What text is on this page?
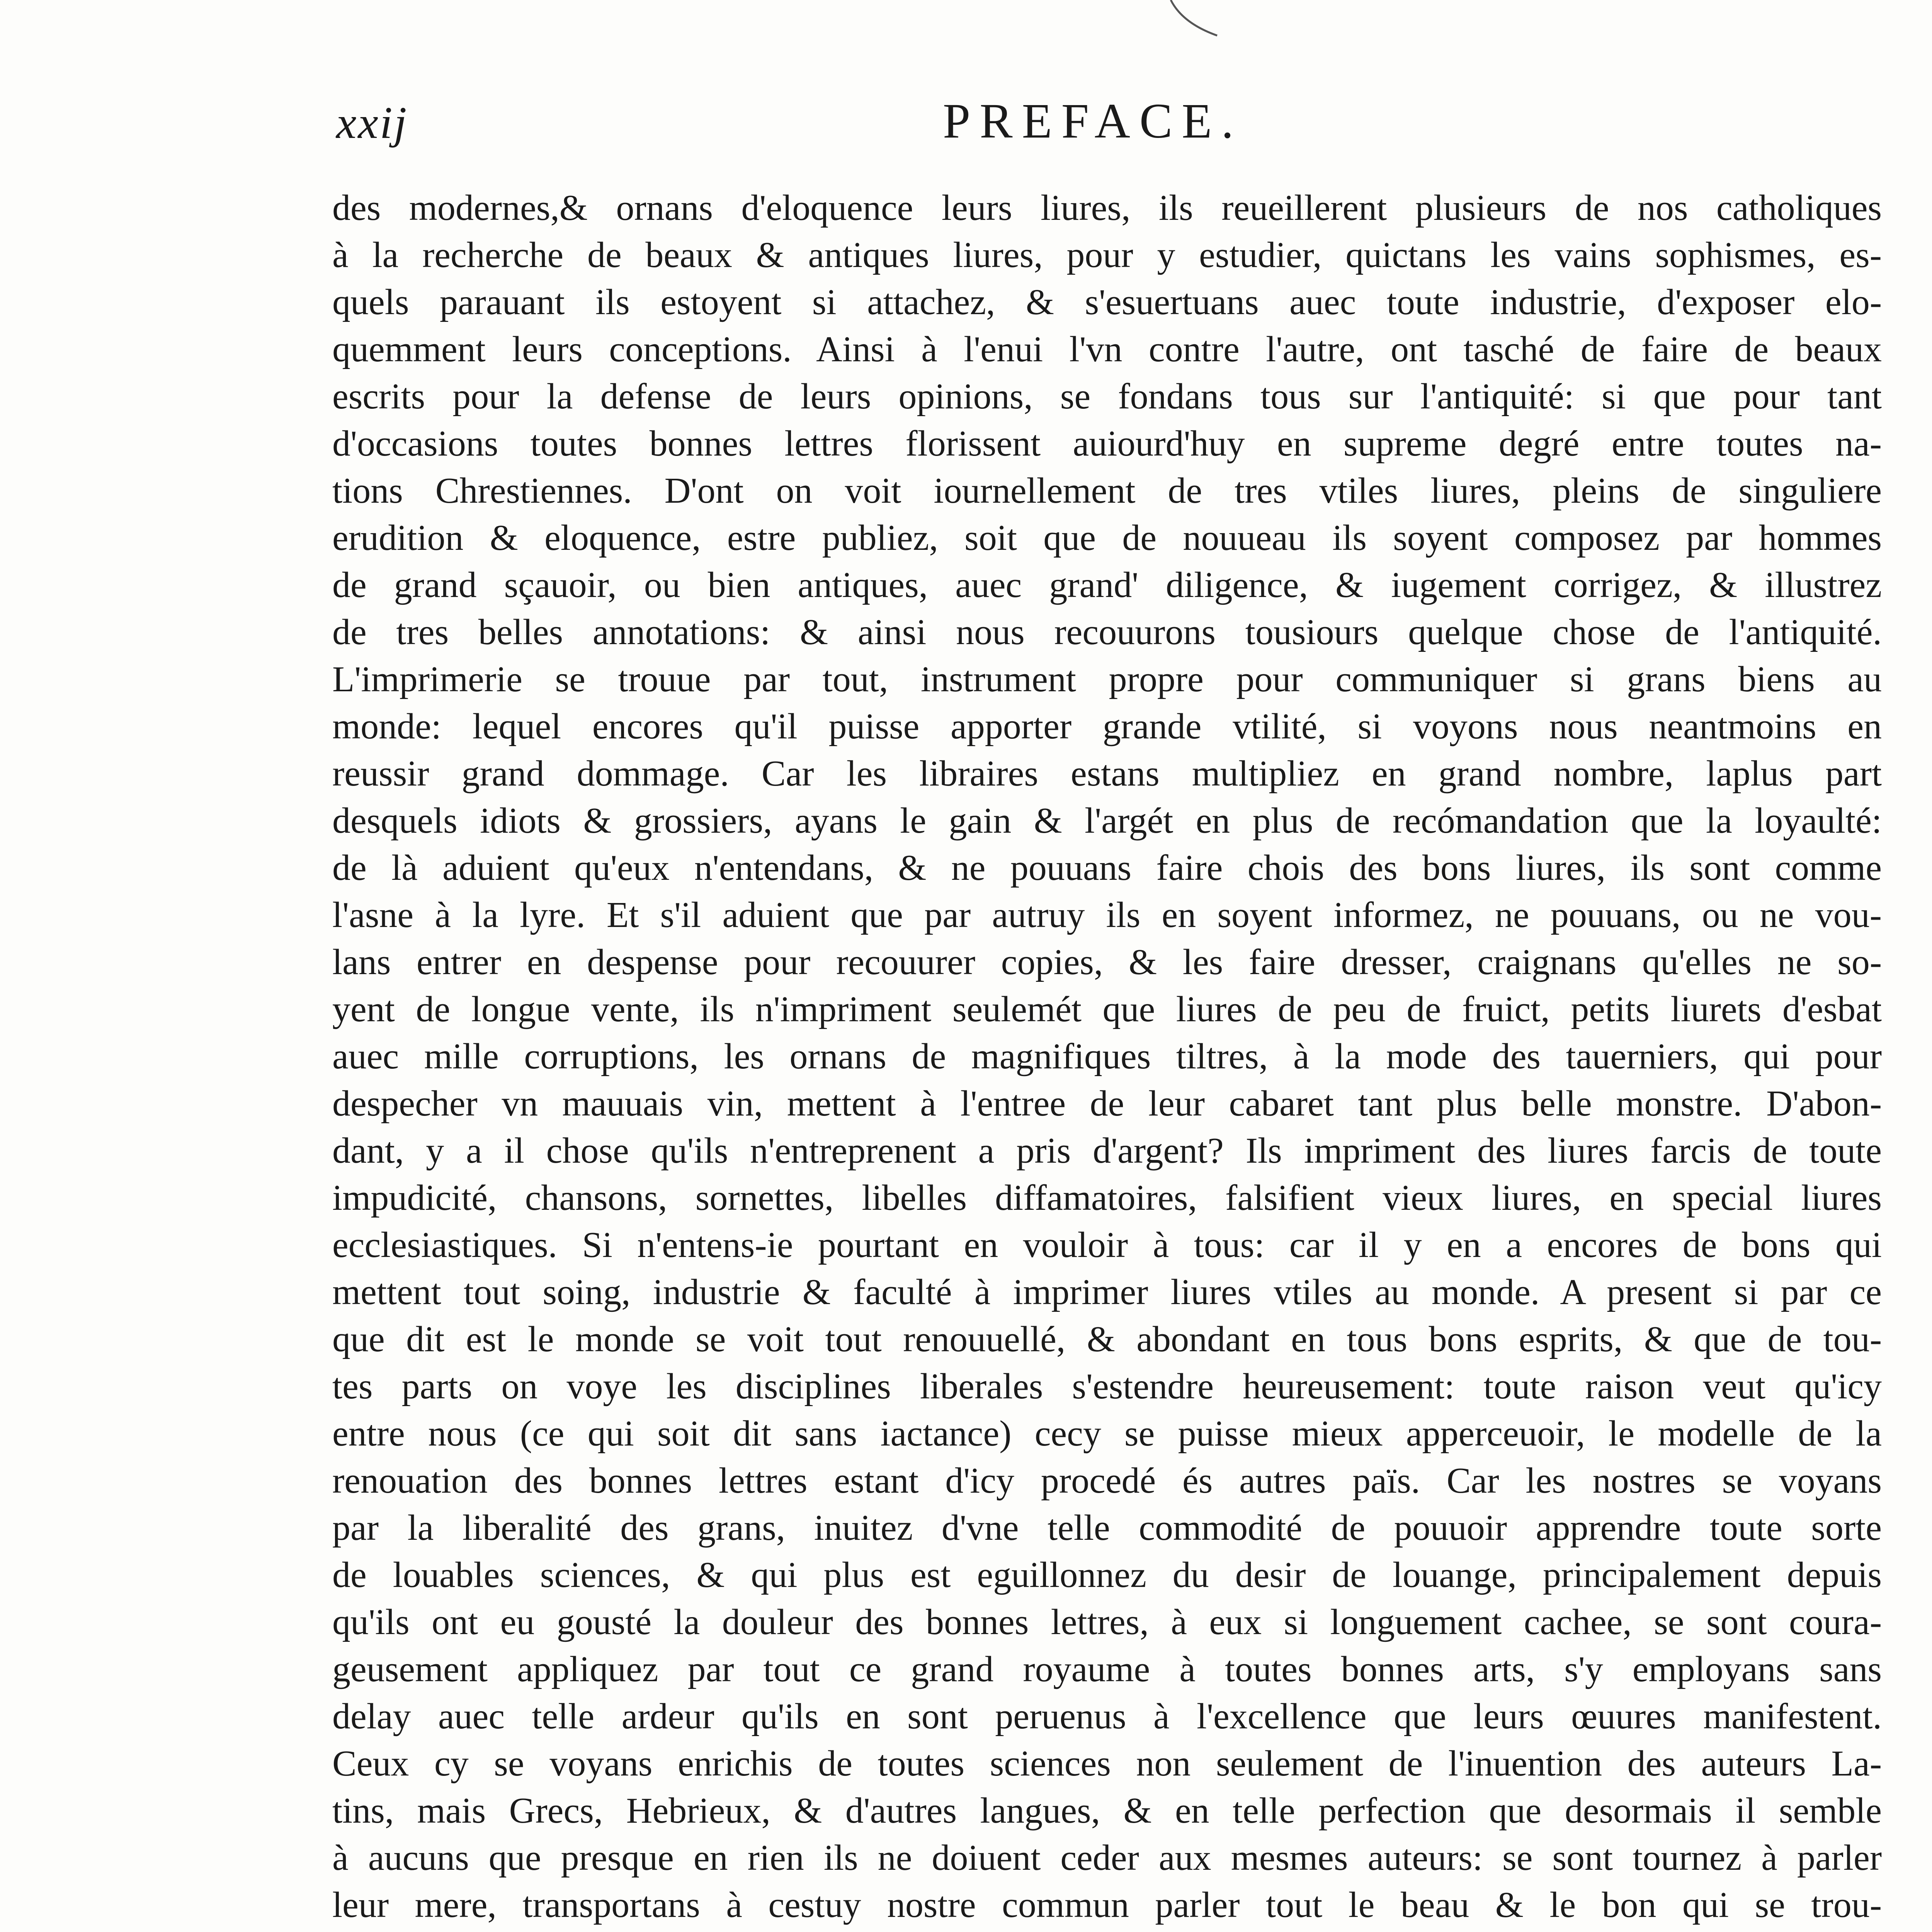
xxij	PREFACE.
des modernes,& ornans d'eloquence leurs liures, ils reueillerent plusieurs de nos catholiques
à la recherche de beaux & antiques liures, pour y estudier, quictans les vains sophismes, es-
quels parauant ils estoyent si attachez, & s'esuertuans auec toute industrie, d'exposer elo-
quemment leurs conceptions. Ainsi à l'enui l'vn contre l'autre, ont tasché de faire de beaux
escrits pour la defense de leurs opinions, se fondans tous sur l'antiquité: si que pour tant
d'occasions toutes bonnes lettres florissent auiourd'huy en supreme degré entre toutes na-
tions Chrestiennes. D'ont on voit iournellement de tres vtiles liures, pleins de singuliere
erudition & eloquence, estre publiez, soit que de nouueau ils soyent composez par hommes
de grand sçauoir, ou bien antiques, auec grand' diligence, & iugement corrigez, & illustrez
de tres belles annotations: & ainsi nous recouurons tousiours quelque chose de l'antiquité.
L'imprimerie se trouue par tout, instrument propre pour communiquer si grans biens au
monde: lequel encores qu'il puisse apporter grande vtilité, si voyons nous neantmoins en
reussir grand dommage. Car les libraires estans multipliez en grand nombre, laplus part
desquels idiots & grossiers, ayans le gain & l'argét en plus de recómandation que la loyaulté:
de là aduient qu'eux n'entendans, & ne pouuans faire chois des bons liures, ils sont comme
l'asne à la lyre. Et s'il aduient que par autruy ils en soyent informez, ne pouuans, ou ne vou-
lans entrer en despense pour recouurer copies, & les faire dresser, craignans qu'elles ne so-
yent de longue vente, ils n'impriment seulemét que liures de peu de fruict, petits liurets d'esbat
auec mille corruptions, les ornans de magnifiques tiltres, à la mode des tauerniers, qui pour
despecher vn mauuais vin, mettent à l'entree de leur cabaret tant plus belle monstre. D'abon-
dant, y a il chose qu'ils n'entreprenent a pris d'argent? Ils impriment des liures farcis de toute
impudicité, chansons, sornettes, libelles diffamatoires, falsifient vieux liures, en special liures
ecclesiastiques. Si n'entens-ie pourtant en vouloir à tous: car il y en a encores de bons qui
mettent tout soing, industrie & faculté à imprimer liures vtiles au monde. A present si par ce
que dit est le monde se voit tout renouuellé, & abondant en tous bons esprits, & que de tou-
tes parts on voye les disciplines liberales s'estendre heureusement: toute raison veut qu'icy
entre nous (ce qui soit dit sans iactance) cecy se puisse mieux apperceuoir, le modelle de la
renouation des bonnes lettres estant d'icy procedé és autres païs. Car les nostres se voyans
par la liberalité des grans, inuitez d'vne telle commodité de pouuoir apprendre toute sorte
de louables sciences, & qui plus est eguillonnez du desir de louange, principalement depuis
qu'ils ont eu gousté la douleur des bonnes lettres, à eux si longuement cachee, se sont coura-
geusement appliquez par tout ce grand royaume à toutes bonnes arts, s'y employans sans
delay auec telle ardeur qu'ils en sont peruenus à l'excellence que leurs œuures manifestent.
Ceux cy se voyans enrichis de toutes sciences non seulement de l'inuention des auteurs La-
tins, mais Grecs, Hebrieux, & d'autres langues, & en telle perfection que desormais il semble
à aucuns que presque en rien ils ne doiuent ceder aux mesmes auteurs: se sont tournez à parler
leur mere, transportans à cestuy nostre commun parler tout le beau & le bon qui se trou-
